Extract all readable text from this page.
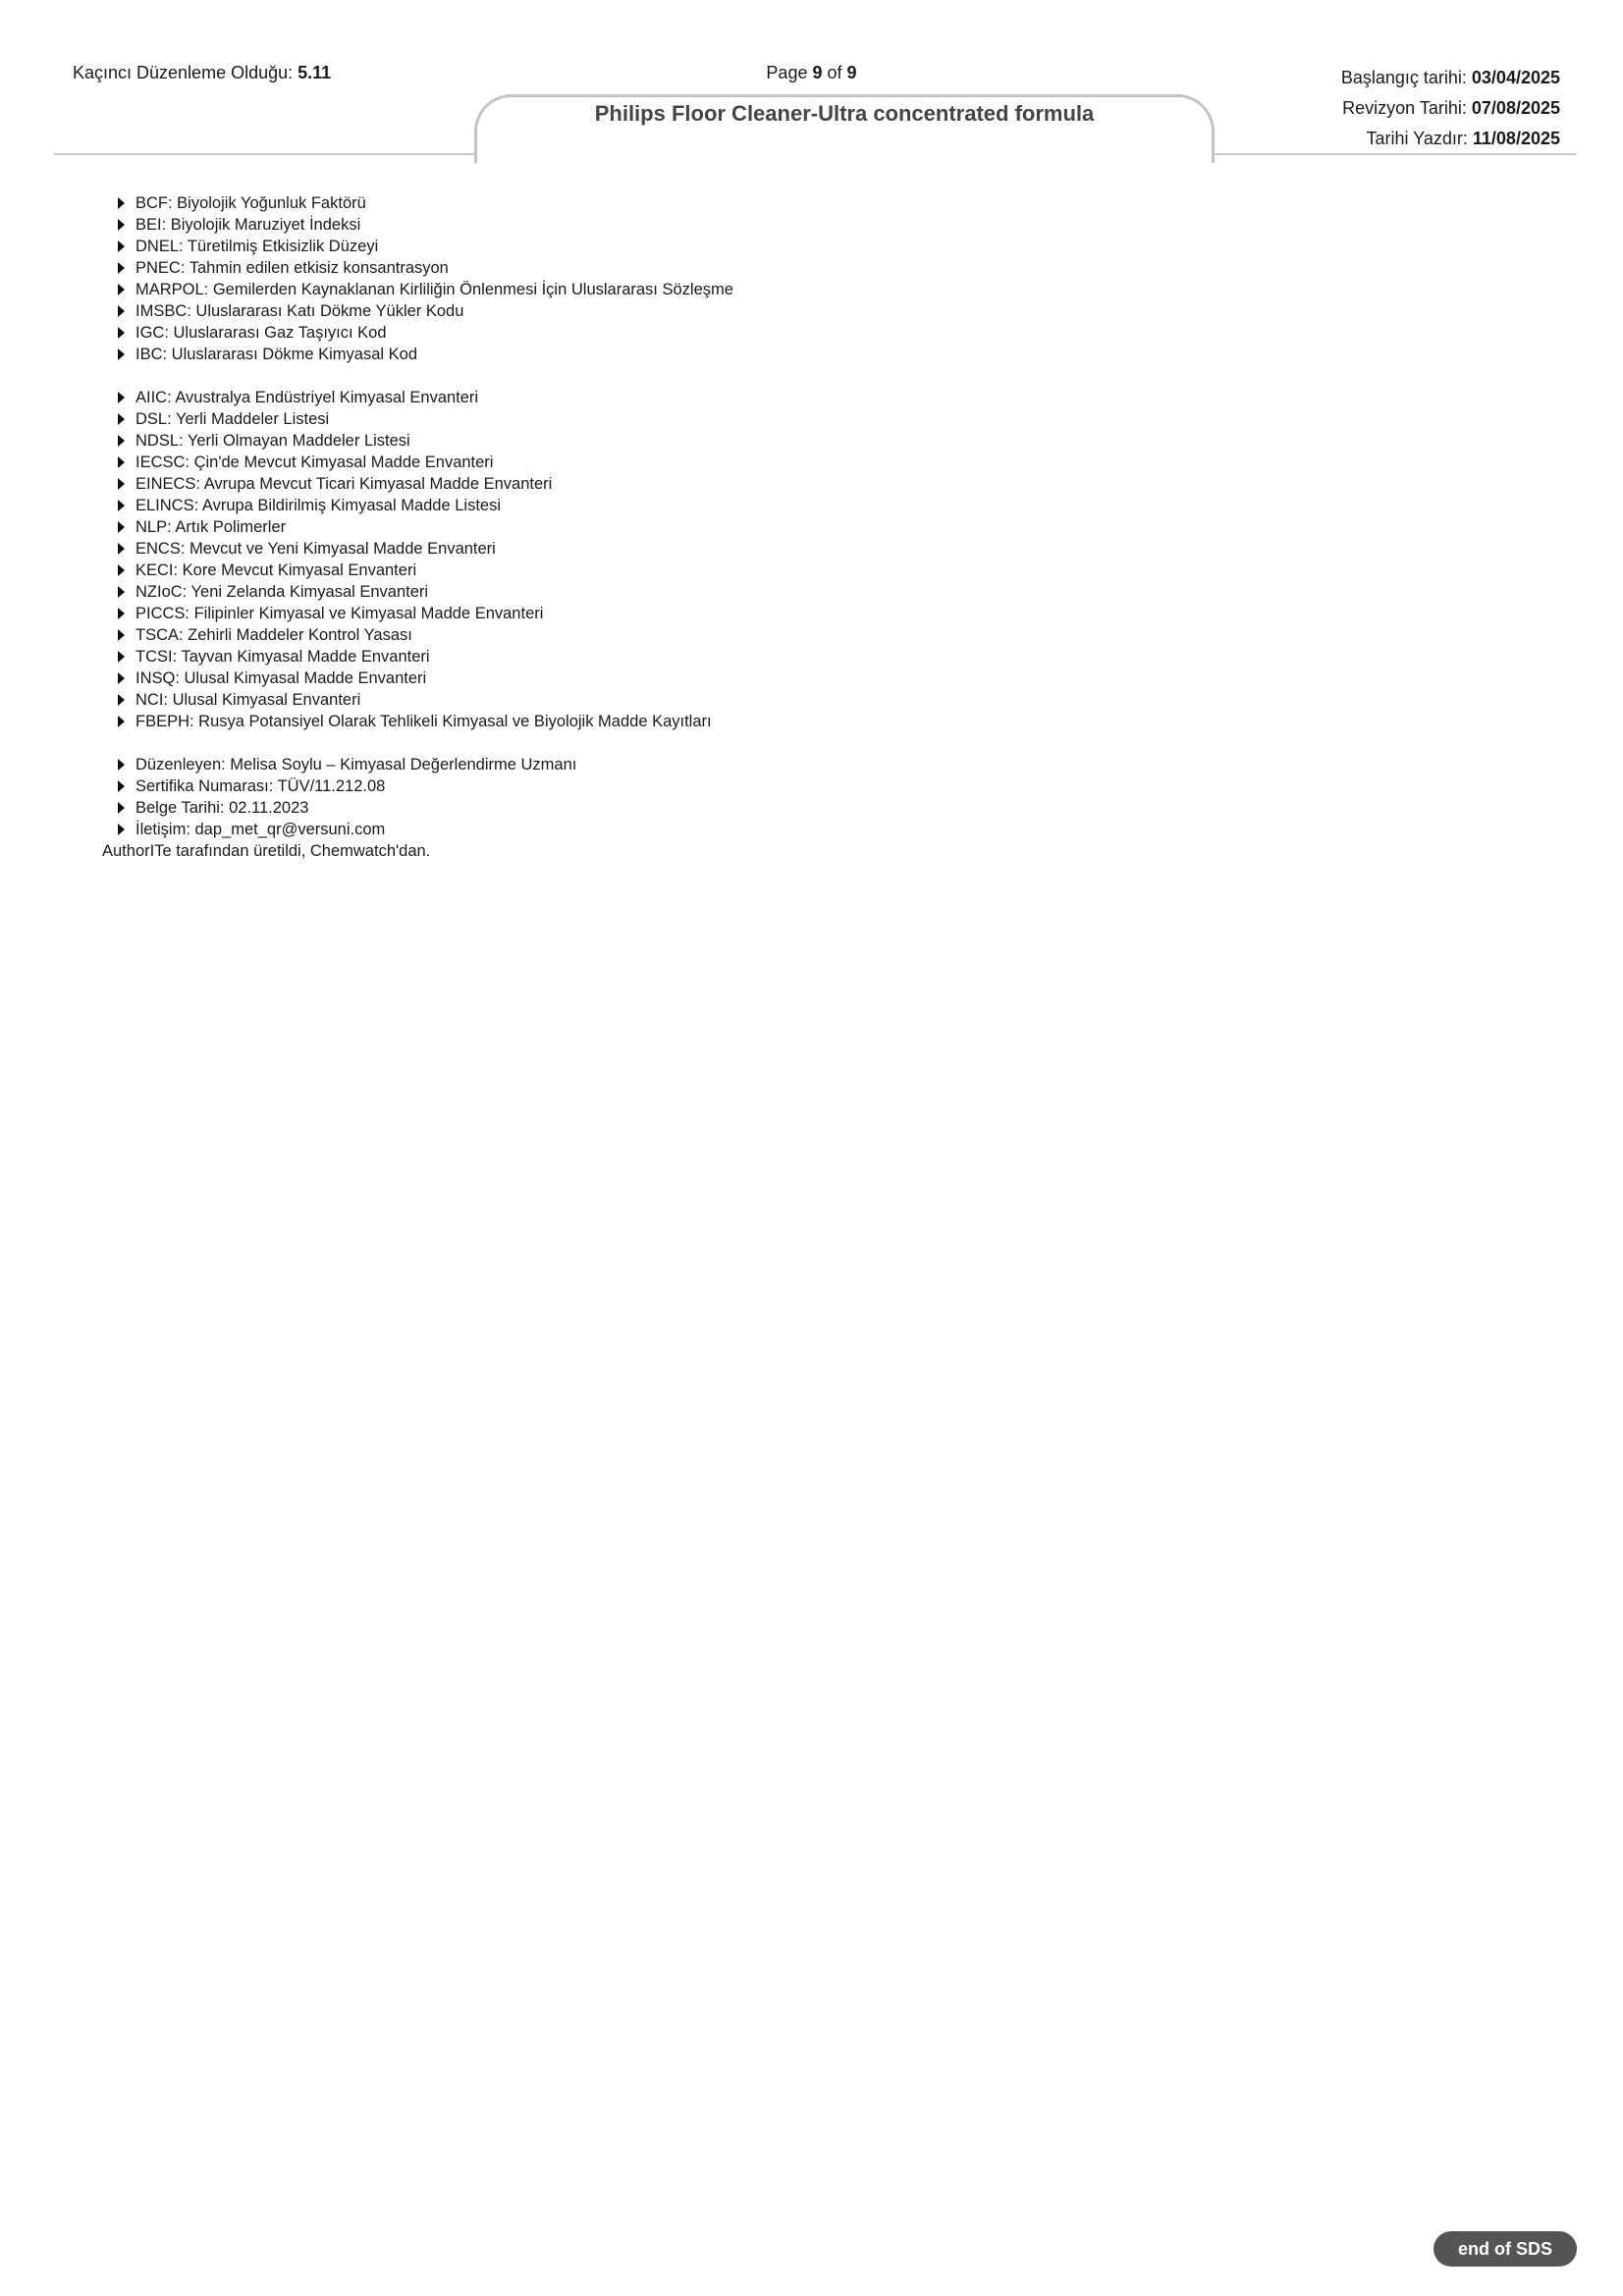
Kaçıncı Düzenleme Olduğu: 5.11	Page 9 of 9	Başlangıç tarihi: 03/04/2025
Revizyon Tarihi: 07/08/2025
Tarihi Yazdır: 11/08/2025
Philips Floor Cleaner-Ultra concentrated formula
BCF: Biyolojik Yoğunluk Faktörü
BEI: Biyolojik Maruziyet İndeksi
DNEL: Türetilmiş Etkisizlik Düzeyi
PNEC: Tahmin edilen etkisiz konsantrasyon
MARPOL: Gemilerden Kaynaklanan Kirliliğin Önlenmesi İçin Uluslararası Sözleşme
IMSBC: Uluslararası Katı Dökme Yükler Kodu
IGC: Uluslararası Gaz Taşıyıcı Kod
IBC: Uluslararası Dökme Kimyasal Kod
AIIC: Avustralya Endüstriyel Kimyasal Envanteri
DSL: Yerli Maddeler Listesi
NDSL: Yerli Olmayan Maddeler Listesi
IECSC: Çin'de Mevcut Kimyasal Madde Envanteri
EINECS: Avrupa Mevcut Ticari Kimyasal Madde Envanteri
ELINCS: Avrupa Bildirilmiş Kimyasal Madde Listesi
NLP: Artık Polimerler
ENCS: Mevcut ve Yeni Kimyasal Madde Envanteri
KECI: Kore Mevcut Kimyasal Envanteri
NZIoC: Yeni Zelanda Kimyasal Envanteri
PICCS: Filipinler Kimyasal ve Kimyasal Madde Envanteri
TSCA: Zehirli Maddeler Kontrol Yasası
TCSI: Tayvan Kimyasal Madde Envanteri
INSQ: Ulusal Kimyasal Madde Envanteri
NCI: Ulusal Kimyasal Envanteri
FBEPH: Rusya Potansiyel Olarak Tehlikeli Kimyasal ve Biyolojik Madde Kayıtları
Düzenleyen: Melisa Soylu – Kimyasal Değerlendirme Uzmanı
Sertifika Numarası: TÜV/11.212.08
Belge Tarihi: 02.11.2023
İletişim: dap_met_qr@versuni.com
AuthorITe tarafından üretildi, Chemwatch'dan.
end of SDS
